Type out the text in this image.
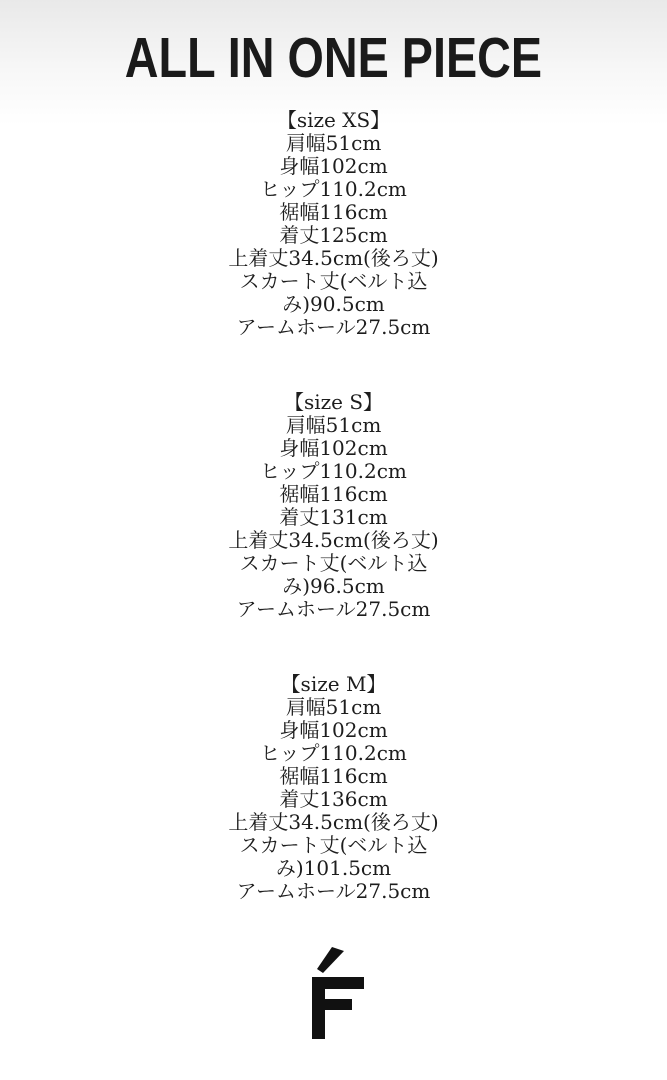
ALL IN ONE PIECE
【size XS】
肩幅51cm
身幅102cm
ヒップ110.2cm
裾幅116cm
着丈125cm
上着丈34.5cm(後ろ丈)
スカート丈(ベルト込
み)90.5cm
アームホール27.5cm
【size S】
肩幅51cm
身幅102cm
ヒップ110.2cm
裾幅116cm
着丈131cm
上着丈34.5cm(後ろ丈)
スカート丈(ベルト込
み)96.5cm
アームホール27.5cm
【size M】
肩幅51cm
身幅102cm
ヒップ110.2cm
裾幅116cm
着丈136cm
上着丈34.5cm(後ろ丈)
スカート丈(ベルト込
み)101.5cm
アームホール27.5cm
